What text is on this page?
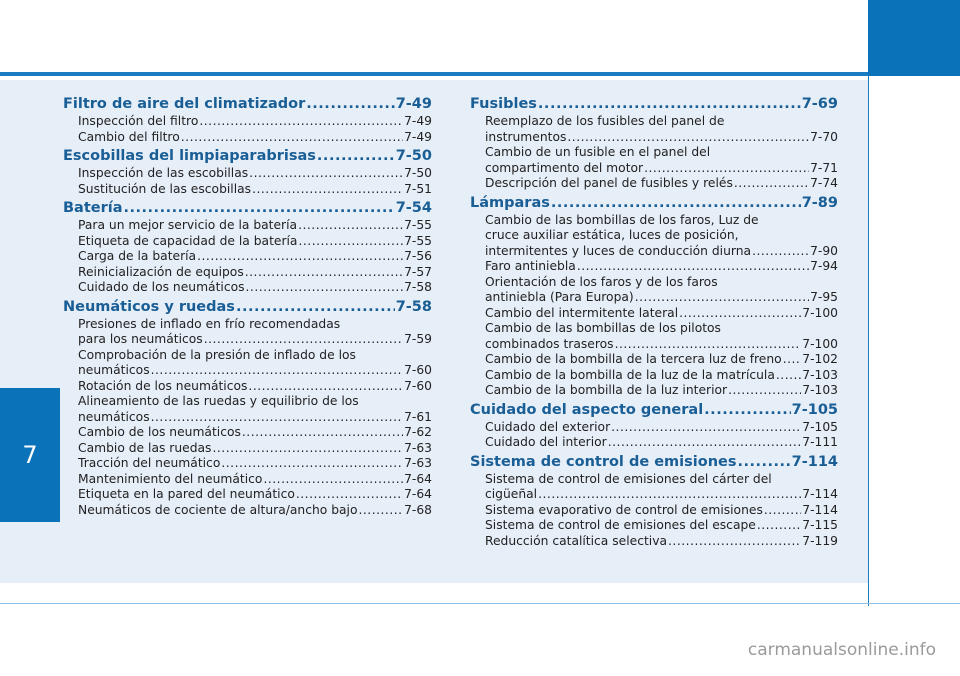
7
Filtro de aire del climatizador .....	7-49
Inspección del filtro .....	7-49
Cambio del filtro .....	7-49
Escobillas del limpiaparabrisas .....	7-50
Inspección de las escobillas .....	7-50
Sustitución de las escobillas .....	7-51
Batería .....	7-54
Para un mejor servicio de la batería .....	7-55
Etiqueta de capacidad de la batería .....	7-55
Carga de la batería .....	7-56
Reinicialización de equipos .....	7-57
Cuidado de los neumáticos .....	7-58
Neumáticos y ruedas .....	7-58
Presiones de inflado en frío recomendadas
para los neumáticos .....	7-59
Comprobación de la presión de inflado de los
neumáticos .....	7-60
Rotación de los neumáticos .....	7-60
Alineamiento de las ruedas y equilibrio de los
neumáticos .....	7-61
Cambio de los neumáticos .....	7-62
Cambio de las ruedas .....	7-63
Tracción del neumático .....	7-63
Mantenimiento del neumático .....	7-64
Etiqueta en la pared del neumático .....	7-64
Neumáticos de cociente de altura/ancho bajo .....	7-68
Fusibles .....	7-69
Reemplazo de los fusibles del panel de
instrumentos .....	7-70
Cambio de un fusible en el panel del
compartimento del motor .....	7-71
Descripción del panel de fusibles y relés .....	7-74
Lámparas .....	7-89
Cambio de las bombillas de los faros, Luz de
cruce auxiliar estática, luces de posición,
intermitentes y luces de conducción diurna .....	7-90
Faro antiniebla .....	7-94
Orientación de los faros y de los faros
antiniebla (Para Europa) .....	7-95
Cambio del intermitente lateral .....	7-100
Cambio de las bombillas de los pilotos
combinados traseros .....	7-100
Cambio de la bombilla de la tercera luz de freno ..... 7-102
Cambio de la bombilla de la luz de la matrícula ..... 7-103
Cambio de la bombilla de la luz interior .....	7-103
Cuidado del aspecto general .....	7-105
Cuidado del exterior .....	7-105
Cuidado del interior .....	7-111
Sistema de control de emisiones .....	7-114
Sistema de control de emisiones del cárter del
cigüeñal .....	7-114
Sistema evaporativo de control de emisiones .....	7-114
Sistema de control de emisiones del escape .....	7-115
Reducción catalítica selectiva .....	7-119
carmanualsonline.info
